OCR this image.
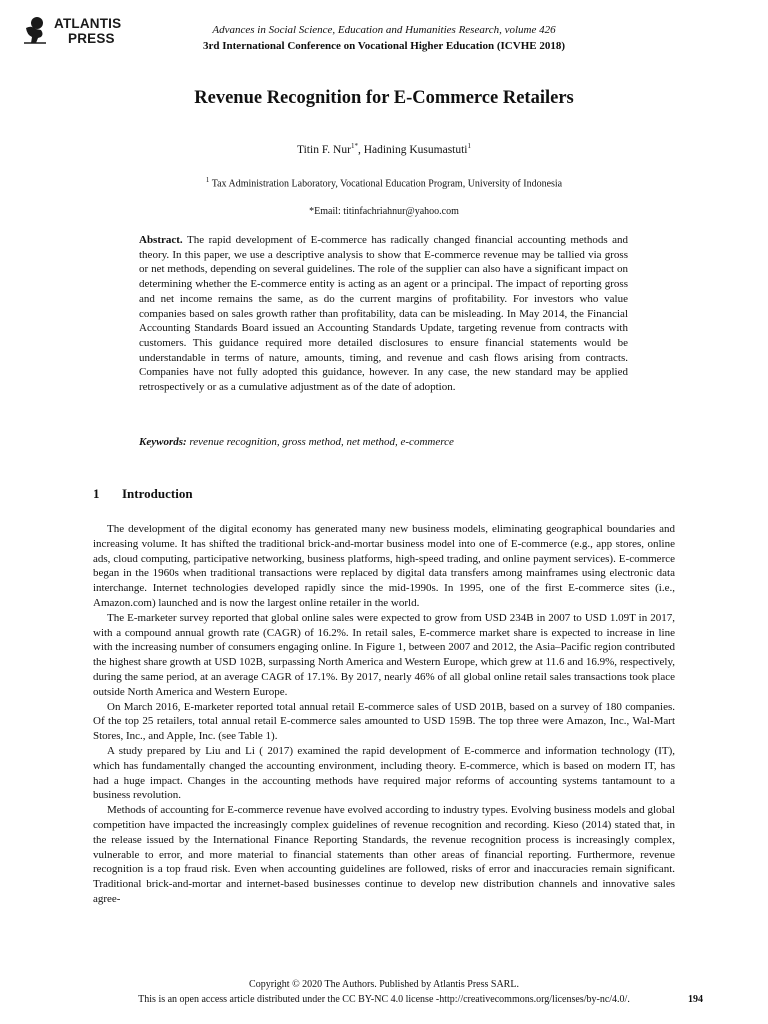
ATLANTIS
PRESS
Advances in Social Science, Education and Humanities Research, volume 426
3rd International Conference on Vocational Higher Education (ICVHE 2018)
Revenue Recognition for E-Commerce Retailers
Titin F. Nur$^{1*}$, Hadining Kusumastuti$^1$
$^1$ Tax Administration Laboratory, Vocational Education Program, University of Indonesia
*Email: titinfachriahnur@yahoo.com

Abstract. The rapid development of E-commerce has radically changed financial accounting methods and theory. In this paper, we use a descriptive analysis to show that E-commerce revenue may be tallied via gross or net methods, depending on several guidelines. The role of the supplier can also have a significant impact on determining whether the E-commerce entity is acting as an agent or a principal. The impact of reporting gross and net income remains the same, as do the current margins of profitability. For investors who value companies based on sales growth rather than profitability, data can be misleading. In May 2014, the Financial Accounting Standards Board issued an Accounting Standards Update, targeting revenue from contracts with customers. This guidance required more detailed disclosures to ensure financial statements would be understandable in terms of nature, amounts, timing, and revenue and cash flows arising from contracts. Companies have not fully adopted this guidance, however. In any case, the new standard may be applied retrospectively or as a cumulative adjustment as of the date of adoption.

Keywords: revenue recognition, gross method, net method, e-commerce

1 Introduction

The development of the digital economy has generated many new business models, eliminating geographical boundaries and increasing volume. It has shifted the traditional brick-and-mortar business model into one of E-commerce (e.g., app stores, online ads, cloud computing, participative networking, business platforms, high-speed trading, and online payment services). E-commerce began in the 1960s when traditional transactions were replaced by digital data transfers among mainframes using electronic data interchange. Internet technologies developed rapidly since the mid-1990s. In 1995, one of the first E-commerce sites (i.e., Amazon.com) launched and is now the largest online retailer in the world.

The E-marketer survey reported that global online sales were expected to grow from USD 234B in 2007 to USD 1.09T in 2017, with a compound annual growth rate (CAGR) of 16.2%. In retail sales, E-commerce market share is expected to increase in line with the increasing number of consumers engaging online. In Figure 1, between 2007 and 2012, the Asia–Pacific region contributed the highest share growth at USD 102B, surpassing North America and Western Europe, which grew at 11.6 and 16.9%, respectively, during the same period, at an average CAGR of 17.1%. By 2017, nearly 46% of all global online retail sales transactions took place outside North America and Western Europe.

On March 2016, E-marketer reported total annual retail E-commerce sales of USD 201B, based on a survey of 180 companies. Of the top 25 retailers, total annual retail E-commerce sales amounted to USD 159B. The top three were Amazon, Inc., Wal-Mart Stores, Inc., and Apple, Inc. (see Table 1).

A study prepared by Liu and Li ( 2017) examined the rapid development of E-commerce and information technology (IT), which has fundamentally changed the accounting environment, including theory. E-commerce, which is based on modern IT, has had a huge impact. Changes in the accounting methods have required major reforms of accounting systems tantamount to a business revolution.

Methods of accounting for E-commerce revenue have evolved according to industry types. Evolving business models and global competition have impacted the increasingly complex guidelines of revenue recognition and recording. Kieso (2014) stated that, in the release issued by the International Finance Reporting Standards, the revenue recognition process is increasingly complex, vulnerable to error, and more material to financial statements than other areas of financial reporting. Furthermore, revenue recognition is a top fraud risk. Even when accounting guidelines are followed, risks of error and inaccuracies remain significant. Traditional brick-and-mortar and internet-based businesses continue to develop new distribution channels and innovative sales agree-

Copyright © 2020 The Authors. Published by Atlantis Press SARL.
This is an open access article distributed under the CC BY-NC 4.0 license -http://creativecommons.org/licenses/by-nc/4.0/.	194
